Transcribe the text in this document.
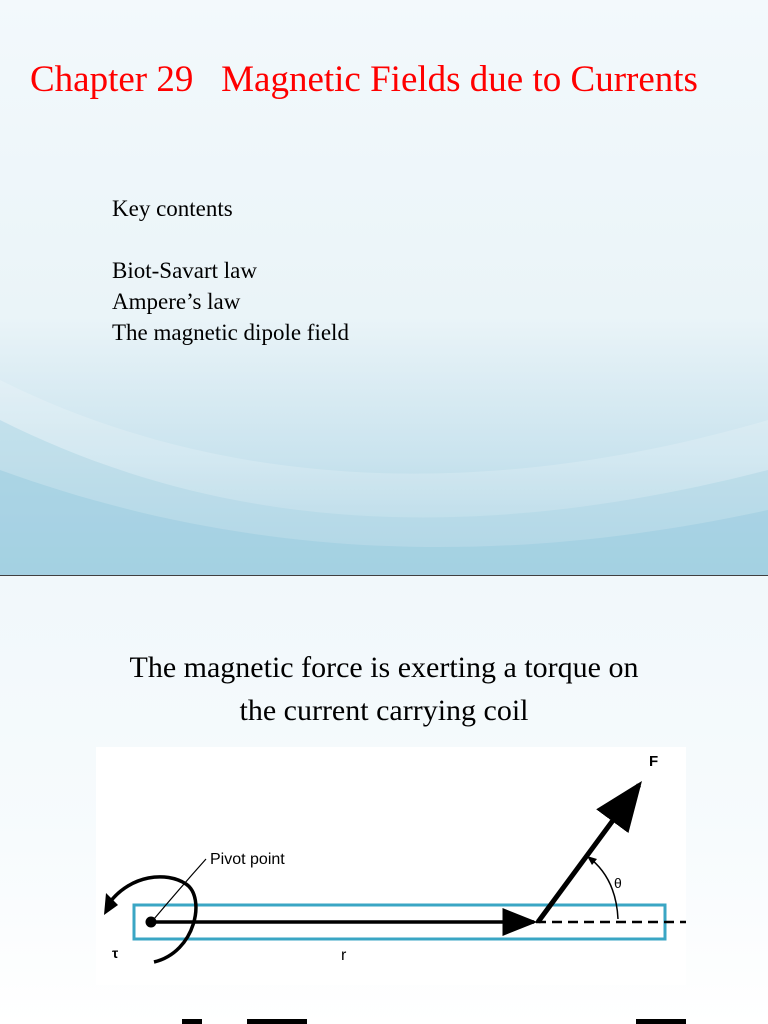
Chapter 29   Magnetic Fields due to Currents
Key contents
Biot-Savart law
Ampere’s law
The magnetic dipole field
The magnetic force is exerting a torque on
the current carrying coil
F
Pivot point
θ
τ	r
